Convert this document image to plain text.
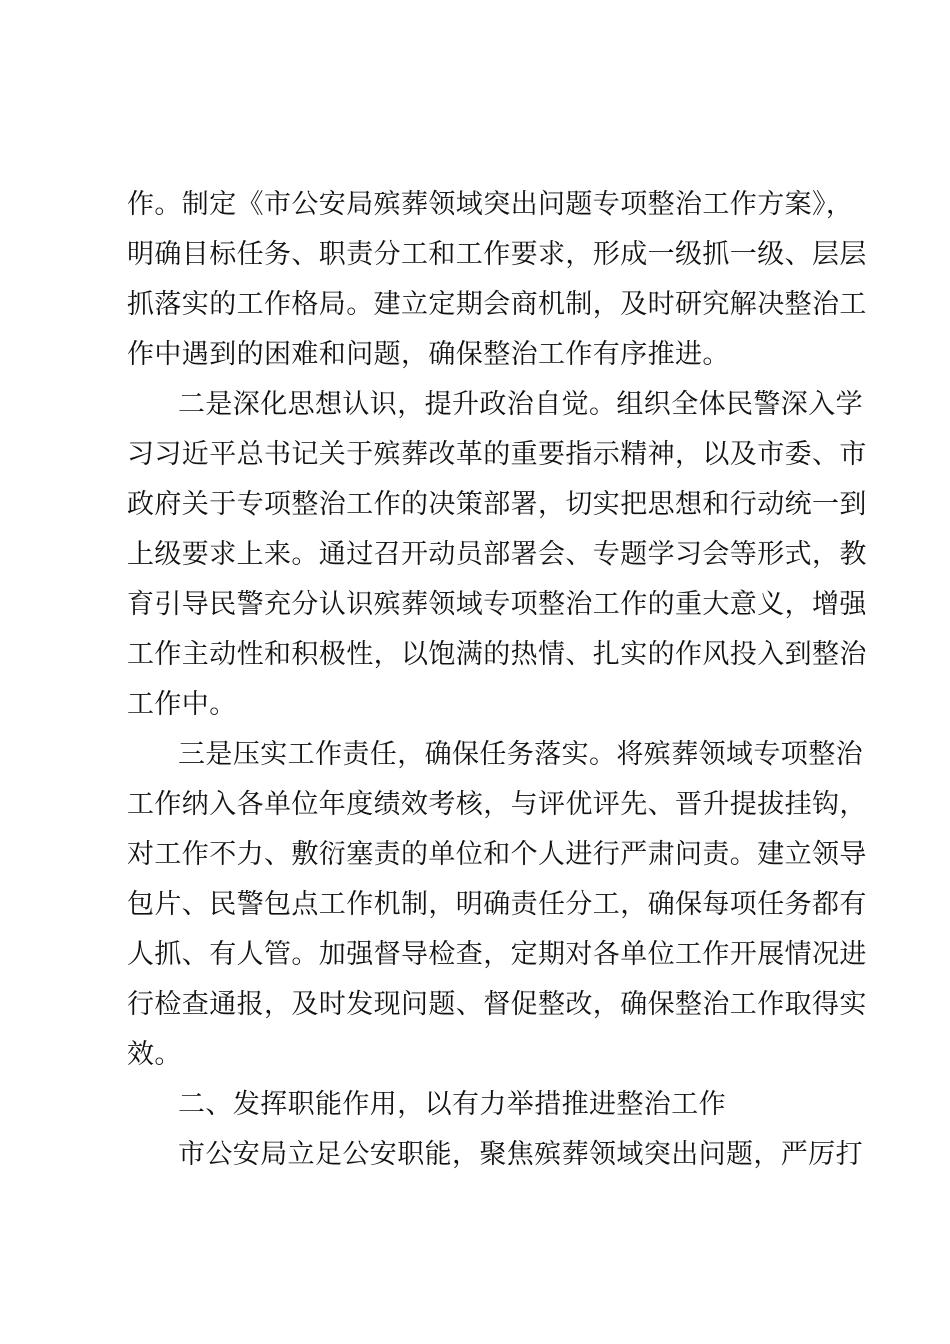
作。制定《市公安局殡葬领域突出问题专项整治工作方案》，
明确目标任务、职责分工和工作要求，形成一级抓一级、层层
抓落实的工作格局。建立定期会商机制，及时研究解决整治工
作中遇到的困难和问题，确保整治工作有序推进。
二是深化思想认识，提升政治自觉。组织全体民警深入学
习习近平总书记关于殡葬改革的重要指示精神，以及市委、市
政府关于专项整治工作的决策部署，切实把思想和行动统一到
上级要求上来。通过召开动员部署会、专题学习会等形式，教
育引导民警充分认识殡葬领域专项整治工作的重大意义，增强
工作主动性和积极性，以饱满的热情、扎实的作风投入到整治
工作中。
三是压实工作责任，确保任务落实。将殡葬领域专项整治
工作纳入各单位年度绩效考核，与评优评先、晋升提拔挂钩，
对工作不力、敷衍塞责的单位和个人进行严肃问责。建立领导
包片、民警包点工作机制，明确责任分工，确保每项任务都有
人抓、有人管。加强督导检查，定期对各单位工作开展情况进
行检查通报，及时发现问题、督促整改，确保整治工作取得实
效。
二、发挥职能作用，以有力举措推进整治工作
市公安局立足公安职能，聚焦殡葬领域突出问题，严厉打
